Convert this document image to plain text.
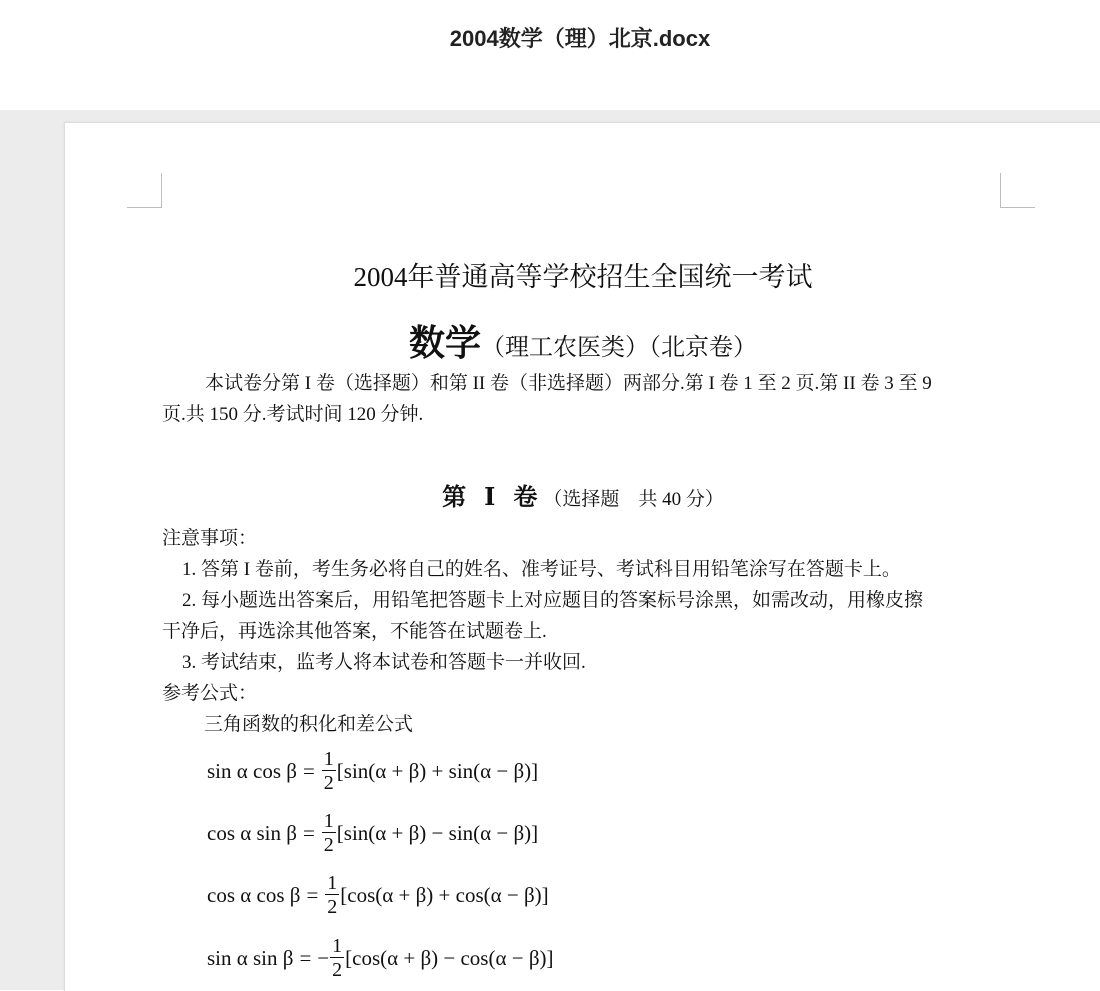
2004数学（理）北京.docx
2004年普通高等学校招生全国统一考试
数学（理工农医类）（北京卷）
本试卷分第 I 卷（选择题）和第 II 卷（非选择题）两部分.第 I 卷 1 至 2 页.第 II 卷 3 至 9
页.共 150 分.考试时间 120 分钟.
第 Ⅰ 卷（选择题　共 40 分）
注意事项：
1. 答第 I 卷前，考生务必将自己的姓名、准考证号、考试科目用铅笔涂写在答题卡上。
2. 每小题选出答案后，用铅笔把答题卡上对应题目的答案标号涂黑，如需改动，用橡皮擦
干净后，再选涂其他答案，不能答在试题卷上.
3. 考试结束，监考人将本试卷和答题卡一并收回.
参考公式：
三角函数的积化和差公式
sin α $\cos \beta = \frac{1}{2} [\sin(\alpha + \beta) + \sin(\alpha - \beta)]$
cos α $\sin \beta = \frac{1}{2} [\sin(\alpha + \beta) - \sin(\alpha - \beta)]$
cos α $\cos \beta = \frac{1}{2} [\cos(\alpha + \beta) + \cos(\alpha - \beta)]$
sin α sin β = − $\frac{1}{2} [\cos(\alpha + \beta) - \cos(\alpha - \beta)]$
